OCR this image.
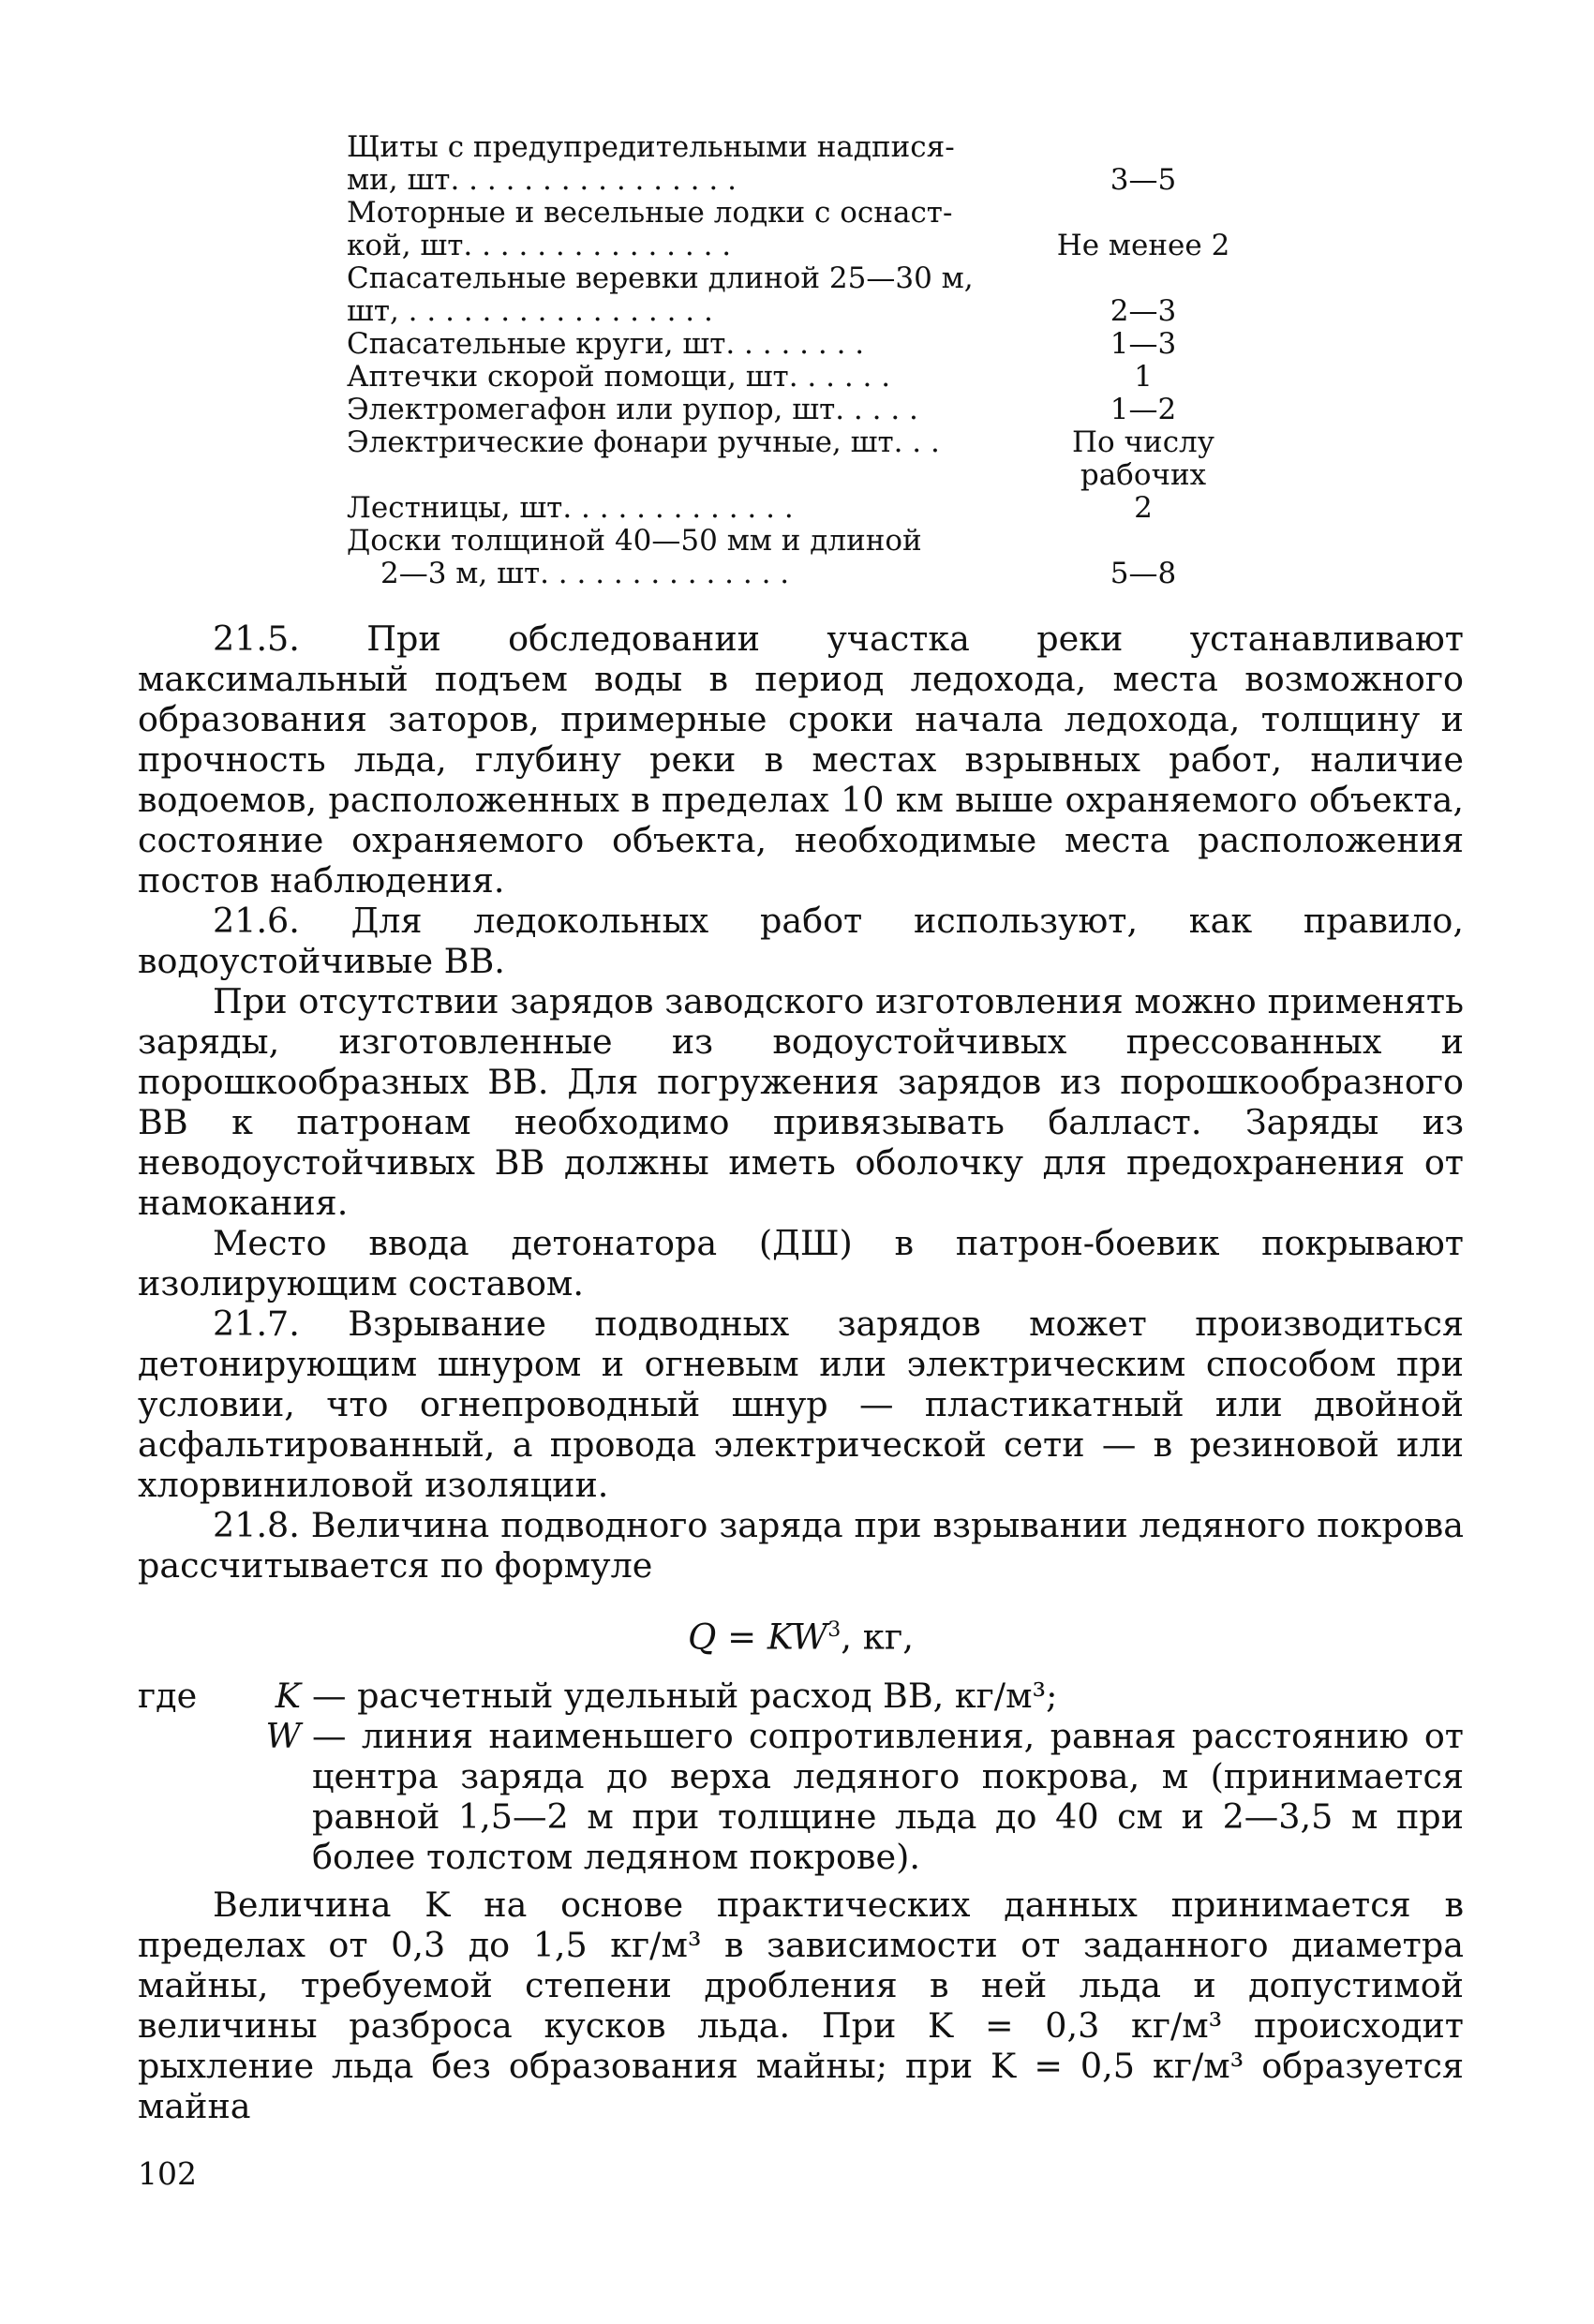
Щиты с предупредительными надпися-
ми, шт. . . . . . . . . . . . . . . .	3—5
Моторные и весельные лодки с оснаст-
кой, шт. . . . . . . . . . . . . . .	Не менее 2
Спасательные веревки длиной 25—30 м,
шт, . . . . . . . . . . . . . . . . .	2—3
Спасательные круги, шт. . . . . . . .	1—3
Аптечки скорой помощи, шт. . . . . .	1
Электромегафон или рупор, шт. . . . .	1—2
Электрические фонари ручные, шт. . .	По числу рабочих
Лестницы, шт. . . . . . . . . . . . .	2
Доски толщиной 40—50 мм и длиной
2—3 м, шт. . . . . . . . . . . . . .	5—8

21.5. При обследовании участка реки устанавливают максимальный подъем воды в период ледохода, места возможного образования заторов, примерные сроки начала ледохода, толщину и прочность льда, глубину реки в местах взрывных работ, наличие водоемов, расположенных в пределах 10 км выше охраняемого объекта, состояние охраняемого объекта, необходимые места расположения постов наблюдения.

21.6. Для ледокольных работ используют, как правило, водоустойчивые ВВ.

При отсутствии зарядов заводского изготовления можно применять заряды, изготовленные из водоустойчивых прессованных и порошкообразных ВВ. Для погружения зарядов из порошкообразного ВВ к патронам необходимо привязывать балласт. Заряды из неводоустойчивых ВВ должны иметь оболочку для предохранения от намокания.

Место ввода детонатора (ДШ) в патрон-боевик покрывают изолирующим составом.

21.7. Взрывание подводных зарядов может производиться детонирующим шнуром и огневым или электрическим способом при условии, что огнепроводный шнур — пластикатный или двойной асфальтированный, а провода электрической сети — в резиновой или хлорвиниловой изоляции.

21.8. Величина подводного заряда при взрывании ледяного покрова рассчитывается по формуле

$Q = KW^3$, кг,
где	K — расчетный удельный расход ВВ, кг/м³;
W — линия наименьшего сопротивления, равная расстоянию от центра заряда до верха ледяного покрова, м (принимается равной 1,5—2 м при толщине льда до 40 см и 2—3,5 м при более толстом ледяном покрове).

Величина K на основе практических данных принимается в пределах от 0,3 до 1,5 кг/м³ в зависимости от заданного диаметра майны, требуемой степени дробления в ней льда и допустимой величины разброса кусков льда. При K = 0,3 кг/м³ происходит рыхление льда без образования майны; при K = 0,5 кг/м³ образуется майна

102
